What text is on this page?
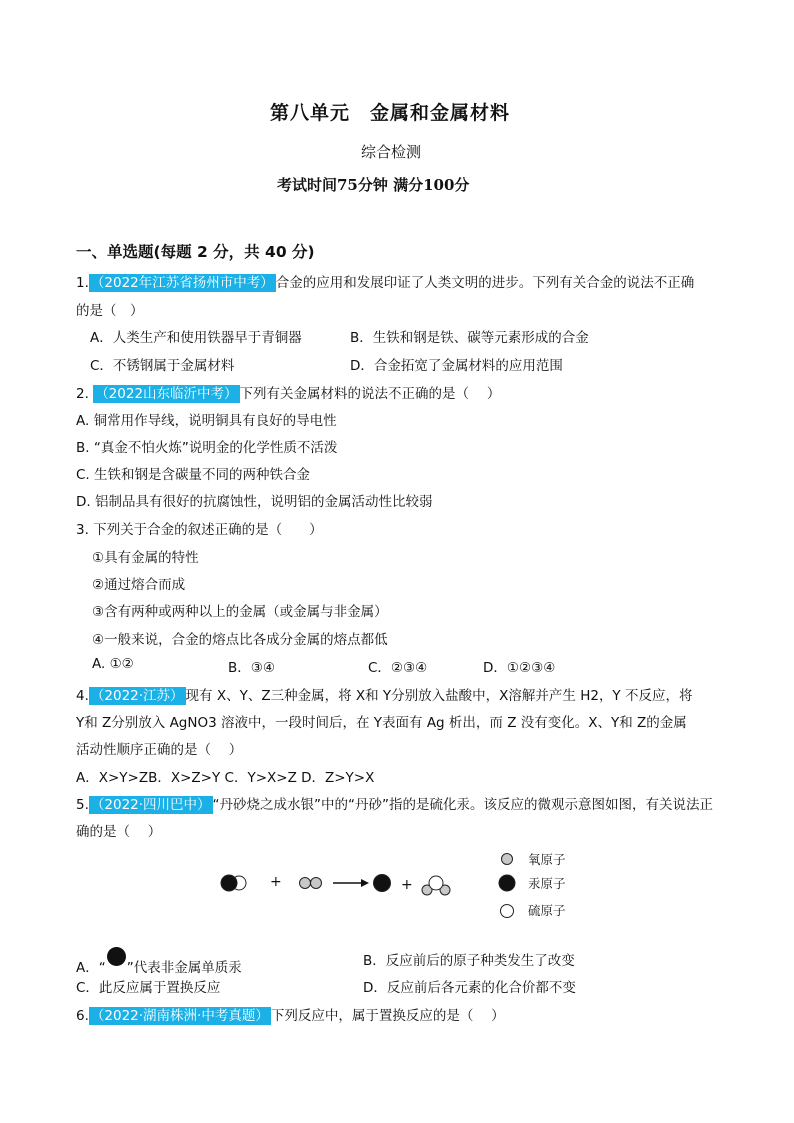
第八单元　金属和金属材料
综合检测
考试时间75分钟 满分100分
一、单选题(每题 2 分，共 40 分)
1. （2022年江苏省扬州市中考） 合金的应用和发展印证了人类文明的进步。下列有关合金的说法不正确
的是（　）
A．人类生产和使用铁器早于青铜器	B．生铁和钢是铁、碳等元素形成的合金
C．不锈钢属于金属材料	D．合金拓宽了金属材料的应用范围
2. （2022山东临沂中考） 下列有关金属材料的说法不正确的是（　 ）
A. 铜常用作导线，说明铜具有良好的导电性
B. “真金不怕火炼”说明金的化学性质不活泼
C. 生铁和钢是含碳量不同的两种铁合金
D. 铝制品具有很好的抗腐蚀性，说明铝的金属活动性比较弱
3. 下列关于合金的叙述正确的是（　　）
①具有金属的特性
②通过熔合而成
③含有两种或两种以上的金属（或金属与非金属）
④一般来说，合金的熔点比各成分金属的熔点都低
A. ①②	B．③④	C．②③④	D．①②③④
4. （2022·江苏） 现有 X、Y、Z三种金属，将 X和 Y分别放入盐酸中，X溶解并产生 H2，Y 不反应，将
Y和 Z分别放入 AgNO3 溶液中，一段时间后，在 Y表面有 Ag 析出，而 Z 没有变化。X、Y和 Z的金属
活动性顺序正确的是（　 ）
A．X>Y>ZB．X>Z>Y C．Y>X>Z D．Z>Y>X
5. （2022·四川巴中） “丹砂烧之成水银”中的“丹砂”指的是硫化汞。该反应的微观示意图如图，有关说法正
确的是（　 ）
+	+
氧原子
汞原子
硫原子
A．“ ”代表非金属单质汞	B．反应前后的原子种类发生了改变
C．此反应属于置换反应	D．反应前后各元素的化合价都不变
6. （2022·湖南株洲·中考真题） 下列反应中，属于置换反应的是（　 ）
